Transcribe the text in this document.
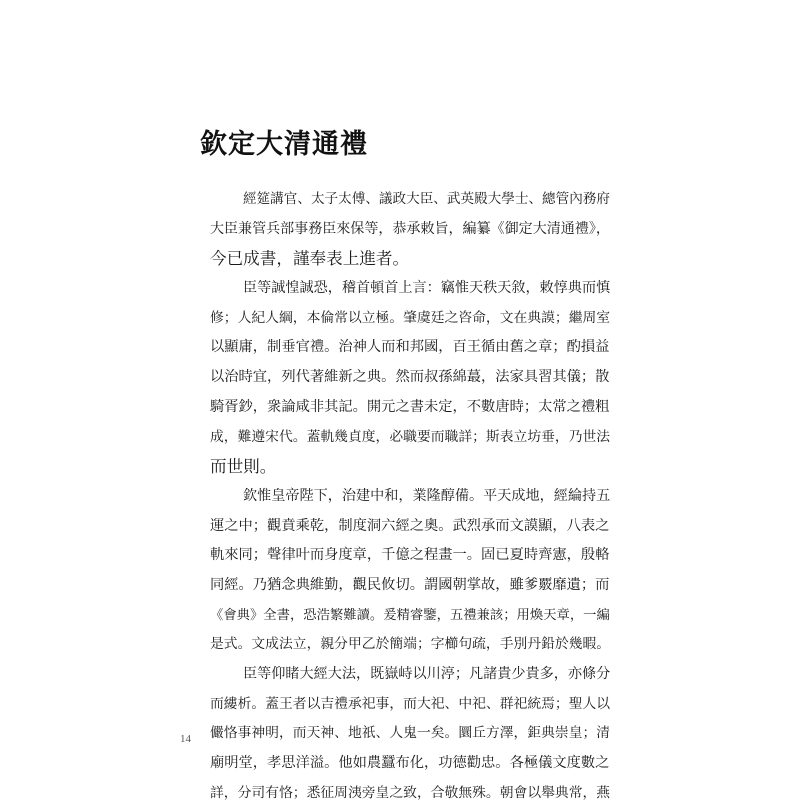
欽定大清通禮
經筵講官、太子太傅、議政大臣、武英殿大學士、總管內務府
大臣兼管兵部事務臣來保等，恭承敕旨，編纂《御定大清通禮》，
今已成書，謹奉表上進者。
臣等誠惶誠恐，稽首頓首上言：竊惟天秩天敘，敕惇典而慎
修；人紀人綱，本倫常以立極。肇虞廷之咨命，文在典謨；繼周室
以顯庸，制垂官禮。治神人而和邦國，百王循由舊之章；酌損益
以治時宜，列代著維新之典。然而叔孫綿蕞，法家具習其儀；散
騎胥鈔，衆論咸非其記。開元之書未定，不數唐時；太常之禮粗
成，難遵宋代。蓋軌幾貞度，必職要而職詳；斯表立坊垂，乃世法
而世則。
欽惟皇帝陛下，治建中和，業隆醇備。平天成地，經綸持五
運之中；觀賁乘乾，制度洞六經之奧。武烈承而文謨顯，八表之
軌來同；聲律叶而身度章，千億之程畫一。固已夏時齊憲，殷輅
同經。乃猶念典維勤，觀民攸切。謂國朝掌故，雖爹覈靡遺；而
《會典》全書，恐浩繁難讀。爰精睿鑒，五禮兼該；用煥天章，一編
是式。文成法立，親分甲乙於簡端；字櫛句疏，手別丹鉛於幾暇。
臣等仰睹大經大法，既嶽峙以川渟；凡諸貴少貴多，亦條分
而縷析。蓋王者以吉禮承祀事，而大祀、中祀、群祀統焉；聖人以
儼恪事神明，而天神、地祇、人鬼一矣。圜丘方澤，鉅典崇皇；清
廟明堂，孝思洋溢。他如農蠶布化，功德勸忠。各極儀文度數之
詳，分司有恪；悉征周洟旁皇之致，合敬無殊。朝會以舉典常，燕
14
